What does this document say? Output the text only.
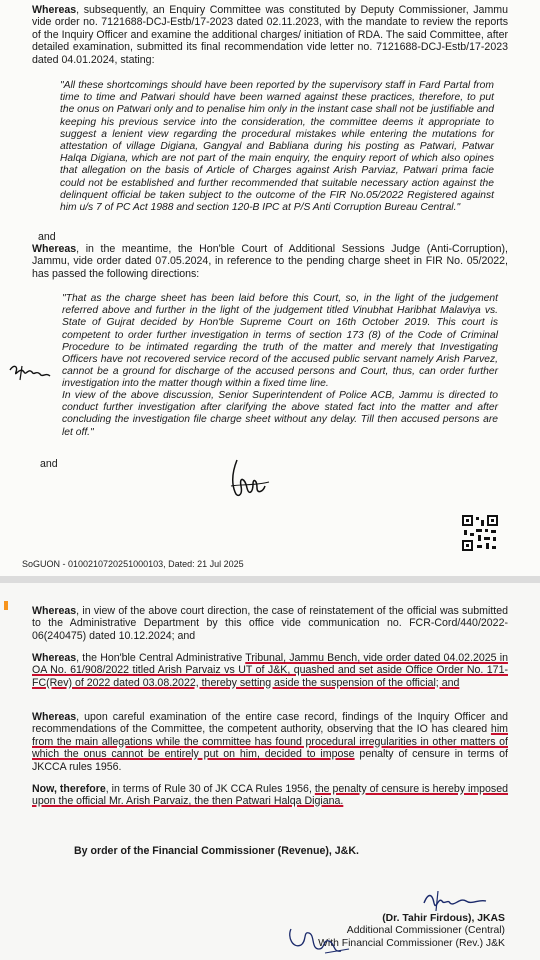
Whereas, subsequently, an Enquiry Committee was constituted by Deputy Commissioner, Jammu vide order no. 7121688-DCJ-Estb/17-2023 dated 02.11.2023, with the mandate to review the reports of the Inquiry Officer and examine the additional charges/ initiation of RDA. The said Committee, after detailed examination, submitted its final recommendation vide letter no. 7121688-DCJ-Estb/17-2023 dated 04.01.2024, stating:

"All these shortcomings should have been reported by the supervisory staff in Fard Partal from time to time and Patwari should have been warned against these practices, therefore, to put the onus on Patwari only and to penalise him only in the instant case shall not be justifiable and keeping his previous service into the consideration, the committee deems it appropriate to suggest a lenient view regarding the procedural mistakes while entering the mutations for attestation of village Digiana, Gangyal and Babliana during his posting as Patwari, Patwar Halqa Digiana, which are not part of the main enquiry, the enquiry report of which also opines that allegation on the basis of Article of Charges against Arish Parviaz, Patwari prima facie could not be established and further recommended that suitable necessary action against the delinquent official be taken subject to the outcome of the FIR No.05/2022 Registered against him u/s 7 of PC Act 1988 and section 120-B IPC at P/S Anti Corruption Bureau Central."

and

Whereas, in the meantime, the Hon'ble Court of Additional Sessions Judge (Anti-Corruption), Jammu, vide order dated 07.05.2024, in reference to the pending charge sheet in FIR No. 05/2022, has passed the following directions:

"That as the charge sheet has been laid before this Court, so, in the light of the judgement referred above and further in the light of the judgement titled Vinubhat Haribhat Malaviya vs. State of Gujrat decided by Hon'ble Supreme Court on 16th October 2019. This court is competent to order further investigation in terms of section 173 (8) of the Code of Criminal Procedure to be intimated regarding the truth of the matter and merely that Investigating Officers have not recovered service record of the accused public servant namely Arish Parvez, cannot be a ground for discharge of the accused persons and Court, thus, can order further investigation into the matter though within a fixed time line.

In view of the above discussion, Senior Superintendent of Police ACB, Jammu is directed to conduct further investigation after clarifying the above stated fact into the matter and after concluding the investigation file charge sheet without any delay. Till then accused persons are let off."

and
SoGUON - 0100210720251000103, Dated: 21 Jul 2025

Whereas, in view of the above court direction, the case of reinstatement of the official was submitted to the Administrative Department by this office vide communication no. FCR-Cord/440/2022-06(240475) dated 10.12.2024; and

Whereas, the Hon'ble Central Administrative Tribunal, Jammu Bench, vide order dated 04.02.2025 in OA No. 61/908/2022 titled Arish Parvaiz vs UT of J&K, quashed and set aside Office Order No. 171-FC(Rev) of 2022 dated 03.08.2022, thereby setting aside the suspension of the official; and

Whereas, upon careful examination of the entire case record, findings of the Inquiry Officer and recommendations of the Committee, the competent authority, observing that the IO has cleared him from the main allegations while the committee has found procedural irregularities in other matters of which the onus cannot be entirely put on him, decided to impose penalty of censure in terms of JKCCA rules 1956.

Now, therefore, in terms of Rule 30 of JK CCA Rules 1956, the penalty of censure is hereby imposed upon the official Mr. Arish Parvaiz, the then Patwari Halqa Digiana.

By order of the Financial Commissioner (Revenue), J&K.
(Dr. Tahir Firdous), JKAS
Additional Commissioner (Central)
With Financial Commissioner (Rev.) J&K
